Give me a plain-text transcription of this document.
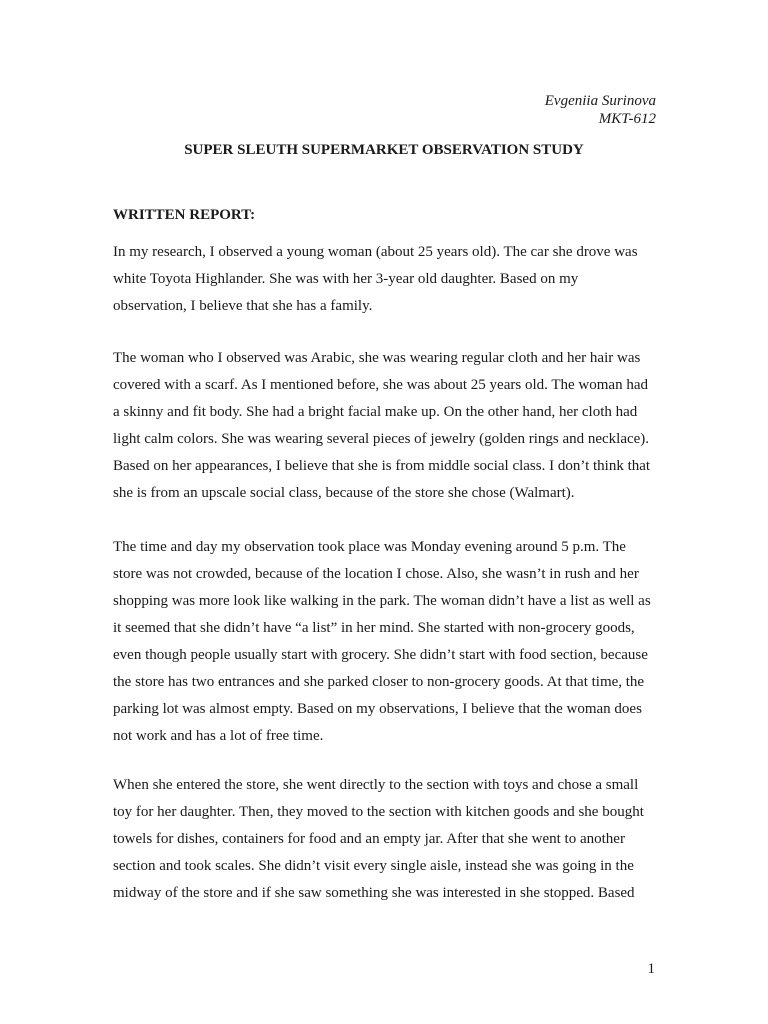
Evgeniia Surinova
MKT-612
SUPER SLEUTH SUPERMARKET OBSERVATION STUDY
WRITTEN REPORT:

In my research, I observed a young woman (about 25 years old). The car she drove was
white Toyota Highlander. She was with her 3-year old daughter. Based on my
observation, I believe that she has a family.

The woman who I observed was Arabic, she was wearing regular cloth and her hair was
covered with a scarf. As I mentioned before, she was about 25 years old. The woman had
a skinny and fit body. She had a bright facial make up. On the other hand, her cloth had
light calm colors. She was wearing several pieces of jewelry (golden rings and necklace).
Based on her appearances, I believe that she is from middle social class. I don’t think that
she is from an upscale social class, because of the store she chose (Walmart).

The time and day my observation took place was Monday evening around 5 p.m. The
store was not crowded, because of the location I chose. Also, she wasn’t in rush and her
shopping was more look like walking in the park. The woman didn’t have a list as well as
it seemed that she didn’t have “a list” in her mind. She started with non-grocery goods,
even though people usually start with grocery. She didn’t start with food section, because
the store has two entrances and she parked closer to non-grocery goods. At that time, the
parking lot was almost empty. Based on my observations, I believe that the woman does
not work and has a lot of free time.

When she entered the store, she went directly to the section with toys and chose a small
toy for her daughter. Then, they moved to the section with kitchen goods and she bought
towels for dishes, containers for food and an empty jar. After that she went to another
section and took scales. She didn’t visit every single aisle, instead she was going in the
midway of the store and if she saw something she was interested in she stopped. Based

1
